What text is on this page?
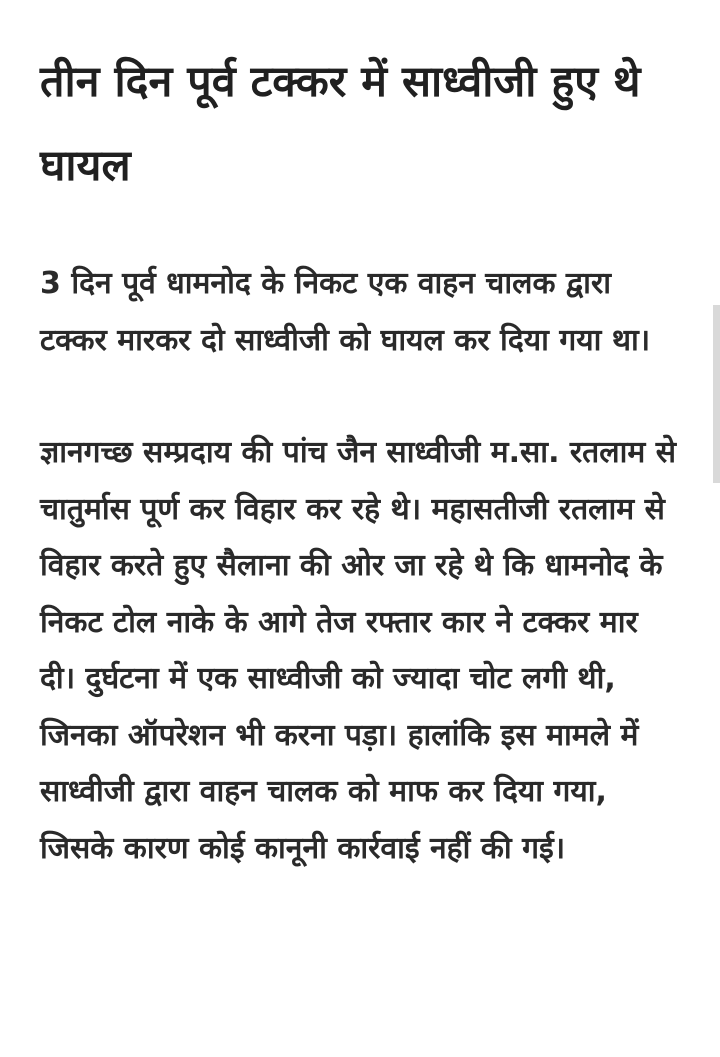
तीन दिन पूर्व टक्कर में साध्वीजी हुए थे घायल

3 दिन पूर्व धामनोद के निकट एक वाहन चालक द्वारा टक्कर मारकर दो साध्वीजी को घायल कर दिया गया था।

ज्ञानगच्छ सम्प्रदाय की पांच जैन साध्वीजी म.सा. रतलाम से चातुर्मास पूर्ण कर विहार कर रहे थे। महासतीजी रतलाम से विहार करते हुए सैलाना की ओर जा रहे थे कि धामनोद के निकट टोल नाके के आगे तेज रफ्तार कार ने टक्कर मार दी। दुर्घटना में एक साध्वीजी को ज्यादा चोट लगी थी, जिनका ऑपरेशन भी करना पड़ा। हालांकि इस मामले में साध्वीजी द्वारा वाहन चालक को माफ कर दिया गया, जिसके कारण कोई कानूनी कार्रवाई नहीं की गई।
